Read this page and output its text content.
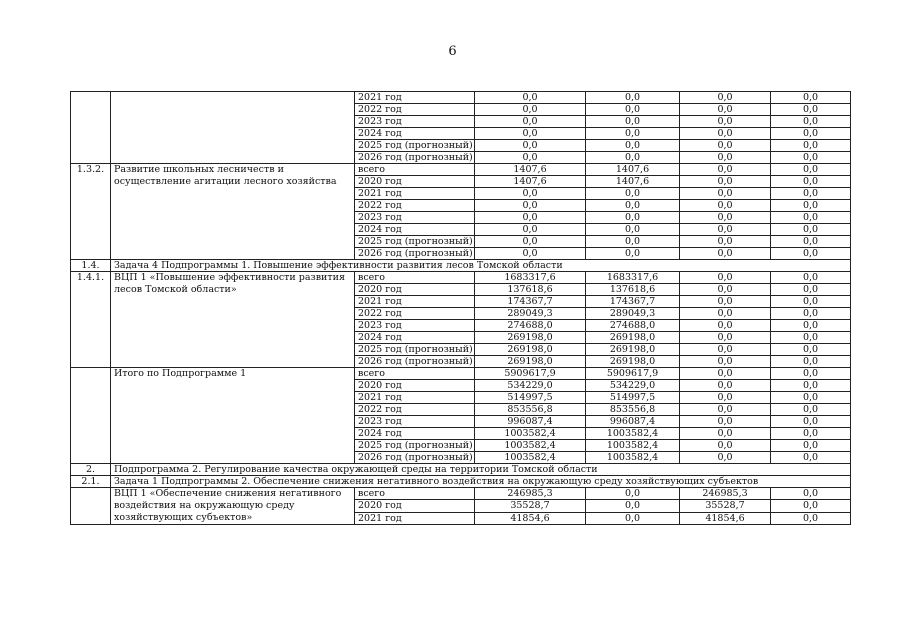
6
		2021 год	0,0	0,0	0,0	0,0
		2022 год	0,0	0,0	0,0	0,0
		2023 год	0,0	0,0	0,0	0,0
		2024 год	0,0	0,0	0,0	0,0
		2025 год (прогнозный)	0,0	0,0	0,0	0,0
		2026 год (прогнозный)	0,0	0,0	0,0	0,0
1.3.2.	Развитие школьных лесничеств и осуществление агитации лесного хозяйства	всего	1407,6	1407,6	0,0	0,0
		2020 год	1407,6	1407,6	0,0	0,0
		2021 год	0,0	0,0	0,0	0,0
		2022 год	0,0	0,0	0,0	0,0
		2023 год	0,0	0,0	0,0	0,0
		2024 год	0,0	0,0	0,0	0,0
		2025 год (прогнозный)	0,0	0,0	0,0	0,0
		2026 год (прогнозный)	0,0	0,0	0,0	0,0
1.4.	Задача 4 Подпрограммы 1. Повышение эффективности развития лесов Томской области					
1.4.1.	ВЦП 1 «Повышение эффективности развития лесов Томской области»	всего	1683317,6	1683317,6	0,0	0,0
		2020 год	137618,6	137618,6	0,0	0,0
		2021 год	174367,7	174367,7	0,0	0,0
		2022 год	289049,3	289049,3	0,0	0,0
		2023 год	274688,0	274688,0	0,0	0,0
		2024 год	269198,0	269198,0	0,0	0,0
		2025 год (прогнозный)	269198,0	269198,0	0,0	0,0
		2026 год (прогнозный)	269198,0	269198,0	0,0	0,0
	Итого по Подпрограмме 1	всего	5909617,9	5909617,9	0,0	0,0
		2020 год	534229,0	534229,0	0,0	0,0
		2021 год	514997,5	514997,5	0,0	0,0
		2022 год	853556,8	853556,8	0,0	0,0
		2023 год	996087,4	996087,4	0,0	0,0
		2024 год	1003582,4	1003582,4	0,0	0,0
		2025 год (прогнозный)	1003582,4	1003582,4	0,0	0,0
		2026 год (прогнозный)	1003582,4	1003582,4	0,0	0,0
2.	Подпрограмма 2. Регулирование качества окружающей среды на территории Томской области					
2.1.	Задача 1 Подпрограммы 2. Обеспечение снижения негативного воздействия на окружающую среду хозяйствующих субъектов					
	ВЦП 1 «Обеспечение снижения негативного воздействия на окружающую среду хозяйствующих субъектов»	всего	246985,3	0,0	246985,3	0,0
		2020 год	35528,7	0,0	35528,7	0,0
		2021 год	41854,6	0,0	41854,6	0,0
